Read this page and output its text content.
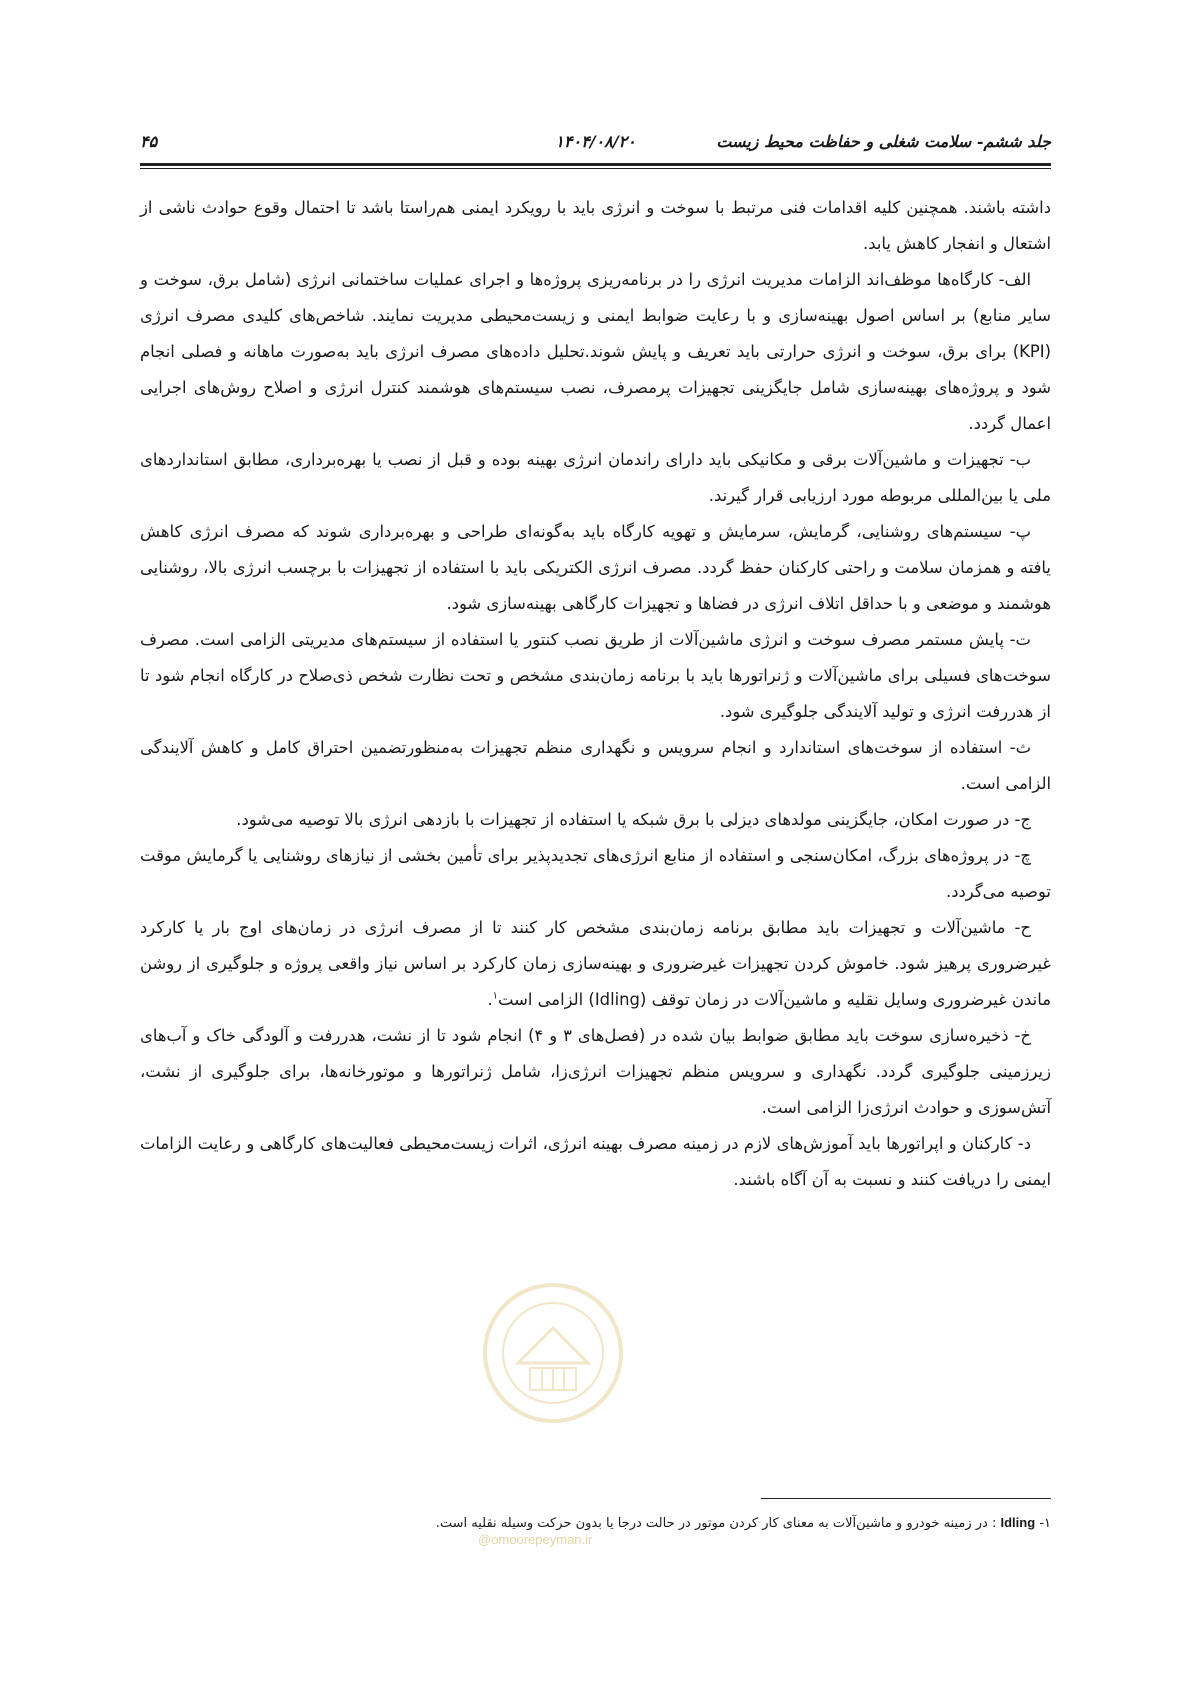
جلد ششم- سلامت شغلی و حفاظت محیط زیست
۱۴۰۴/۰۸/۲۰
۴۵

داشته باشند. همچنین کلیه اقدامات فنی مرتبط با سوخت و انرژی باید با رویکرد ایمنی هم‌راستا باشد تا احتمال وقوع حوادث ناشی از اشتعال و انفجار کاهش یابد.

الف- کارگاه‌ها موظف‌اند الزامات مدیریت انرژی را در برنامه‌ریزی پروژه‌ها و اجرای عملیات ساختمانی انرژی (شامل برق، سوخت و سایر منابع) بر اساس اصول بهینه‌سازی و با رعایت ضوابط ایمنی و زیست‌محیطی مدیریت نمایند. شاخص‌های کلیدی مصرف انرژی (KPI) برای برق، سوخت و انرژی حرارتی باید تعریف و پایش شوند.تحلیل داده‌های مصرف انرژی باید به‌صورت ماهانه و فصلی انجام شود و پروژه‌های بهینه‌سازی شامل جایگزینی تجهیزات پرمصرف، نصب سیستم‌های هوشمند کنترل انرژی و اصلاح روش‌های اجرایی اعمال گردد.

ب- تجهیزات و ماشین‌آلات برقی و مکانیکی باید دارای راندمان انرژی بهینه بوده و قبل از نصب یا بهره‌برداری، مطابق استانداردهای ملی یا بین‌المللی مربوطه مورد ارزیابی قرار گیرند.

پ- سیستم‌های روشنایی، گرمایش، سرمایش و تهویه کارگاه باید به‌گونه‌ای طراحی و بهره‌برداری شوند که مصرف انرژی کاهش یافته و همزمان سلامت و راحتی کارکنان حفظ گردد. مصرف انرژی الکتریکی باید با استفاده از تجهیزات با برچسب انرژی بالا، روشنایی هوشمند و موضعی و با حداقل اتلاف انرژی در فضاها و تجهیزات کارگاهی بهینه‌سازی شود.

ت- پایش مستمر مصرف سوخت و انرژی ماشین‌آلات از طریق نصب کنتور یا استفاده از سیستم‌های مدیریتی الزامی است. مصرف سوخت‌های فسیلی برای ماشین‌آلات و ژنراتورها باید با برنامه زمان‌بندی مشخص و تحت نظارت شخص ذی‌صلاح در کارگاه انجام شود تا از هدررفت انرژی و تولید آلایندگی جلوگیری شود.

ث- استفاده از سوخت‌های استاندارد و انجام سرویس و نگهداری منظم تجهیزات به‌منظورتضمین احتراق کامل و کاهش آلایندگی الزامی است.

ج- در صورت امکان، جایگزینی مولدهای دیزلی با برق شبکه یا استفاده از تجهیزات با بازدهی انرژی بالا توصیه می‌شود.

چ- در پروژه‌های بزرگ، امکان‌سنجی و استفاده از منابع انرژی‌های تجدیدپذیر برای تأمین بخشی از نیازهای روشنایی یا گرمایش موقت توصیه می‌گردد.

ح- ماشین‌آلات و تجهیزات باید مطابق برنامه زمان‌بندی مشخص کار کنند تا از مصرف انرژی در زمان‌های اوج بار یا کارکرد غیرضروری پرهیز شود. خاموش کردن تجهیزات غیرضروری و بهینه‌سازی زمان کارکرد بر اساس نیاز واقعی پروژه و جلوگیری از روشن ماندن غیرضروری وسایل نقلیه و ماشین‌آلات در زمان توقف (Idling) الزامی است$^۱$.

خ- ذخیره‌سازی سوخت باید مطابق ضوابط بیان شده در (فصل‌های ۳ و ۴) انجام شود تا از نشت، هدررفت و آلودگی خاک و آب‌های زیرزمینی جلوگیری گردد. نگهداری و سرویس منظم تجهیزات انرژی‌زا، شامل ژنراتورها و موتورخانه‌ها، برای جلوگیری از نشت، آتش‌سوزی و حوادث انرژی‌زا الزامی است.

د- کارکنان و اپراتورها باید آموزش‌های لازم در زمینه مصرف بهینه انرژی، اثرات زیست‌محیطی فعالیت‌های کارگاهی و رعایت الزامات ایمنی را دریافت کنند و نسبت به آن آگاه باشند.

۱- Idling : در زمینه خودرو و ماشین‌آلات به معنای کار کردن موتور در حالت درجا یا بدون حرکت وسیله نقلیه است.
@omoorepeyman.ir
